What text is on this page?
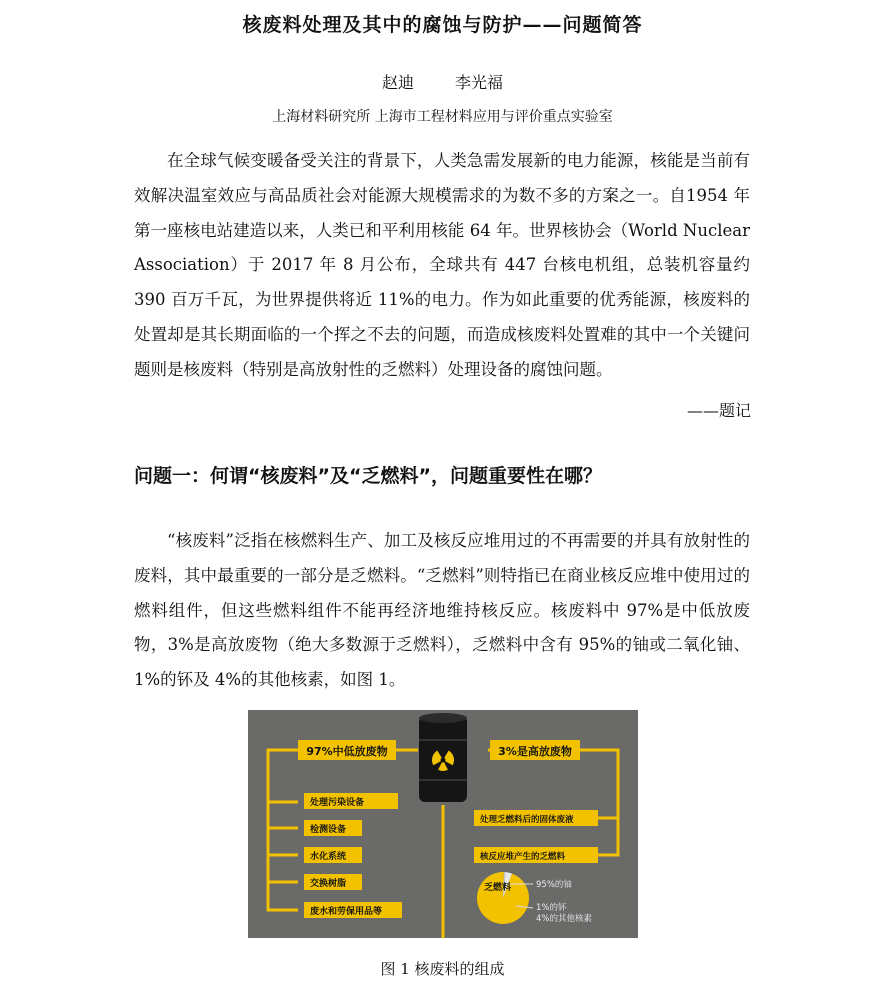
核废料处理及其中的腐蚀与防护——问题简答
赵迪	李光福
上海材料研究所 上海市工程材料应用与评价重点实验室

在全球气候变暖备受关注的背景下，人类急需发展新的电力能源，核能是当前有效解决温室效应与高品质社会对能源大规模需求的为数不多的方案之一。自1954 年第一座核电站建造以来，人类已和平利用核能 64 年。世界核协会（World Nuclear Association）于 2017 年 8 月公布，全球共有 447 台核电机组，总装机容量约 390 百万千瓦，为世界提供将近 11%的电力。作为如此重要的优秀能源，核废料的处置却是其长期面临的一个挥之不去的问题，而造成核废料处置难的其中一个关键问题则是核废料（特别是高放射性的乏燃料）处理设备的腐蚀问题。

——题记
问题一：何谓“核废料”及“乏燃料”，问题重要性在哪？

“核废料”泛指在核燃料生产、加工及核反应堆用过的不再需要的并具有放射性的废料，其中最重要的一部分是乏燃料。“乏燃料”则特指已在商业核反应堆中使用过的燃料组件，但这些燃料组件不能再经济地维持核反应。核废料中 97%是中低放废物，3%是高放废物（绝大多数源于乏燃料），乏燃料中含有 95%的铀或二氧化铀、1%的钚及 4%的其他核素，如图 1。

97%中低放废物
处理污染设备
检测设备
水化系统
交换树脂
废水和劳保用品等
3%是高放废物
处理乏燃料后的固体废液
核反应堆产生的乏燃料
乏燃料	95%的铀
1%的钚
4%的其他核素
图 1 核废料的组成
